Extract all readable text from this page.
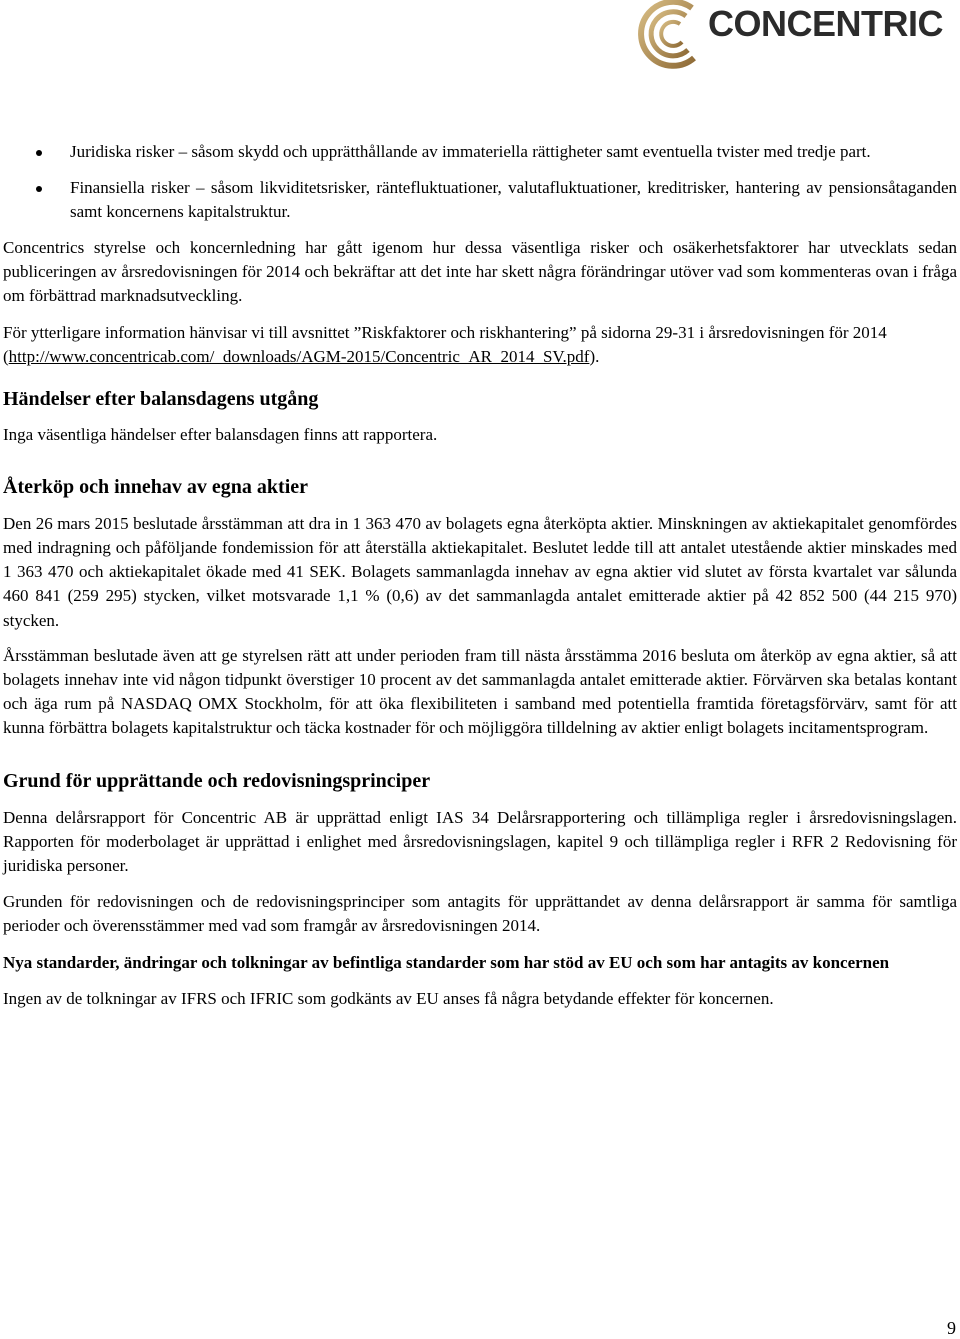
CONCENTRIC
Juridiska risker – såsom skydd och upprätthållande av immateriella rättigheter samt eventuella tvister med tredje part.
Finansiella risker – såsom likviditetsrisker, räntefluktuationer, valutafluktuationer, kreditrisker, hantering av pensionsåtaganden samt koncernens kapitalstruktur.

Concentrics styrelse och koncernledning har gått igenom hur dessa väsentliga risker och osäkerhetsfaktorer har utvecklats sedan publiceringen av årsredovisningen för 2014 och bekräftar att det inte har skett några förändringar utöver vad som kommenteras ovan i fråga om förbättrad marknadsutveckling.

För ytterligare information hänvisar vi till avsnittet ”Riskfaktorer och riskhantering” på sidorna 29-31 i årsredovisningen för 2014
(http://www.concentricab.com/_downloads/AGM-2015/Concentric_AR_2014_SV.pdf).

Händelser efter balansdagens utgång

Inga väsentliga händelser efter balansdagen finns att rapportera.

Återköp och innehav av egna aktier

Den 26 mars 2015 beslutade årsstämman att dra in 1 363 470 av bolagets egna återköpta aktier. Minskningen av aktiekapitalet genomfördes med indragning och påföljande fondemission för att återställa aktiekapitalet. Beslutet ledde till att antalet utestående aktier minskades med 1 363 470 och aktiekapitalet ökade med 41 SEK. Bolagets sammanlagda innehav av egna aktier vid slutet av första kvartalet var sålunda 460 841 (259 295) stycken, vilket motsvarade 1,1 % (0,6) av det sammanlagda antalet emitterade aktier på 42 852 500 (44 215 970) stycken.

Årsstämman beslutade även att ge styrelsen rätt att under perioden fram till nästa årsstämma 2016 besluta om återköp av egna aktier, så att bolagets innehav inte vid någon tidpunkt överstiger 10 procent av det sammanlagda antalet emitterade aktier. Förvärven ska betalas kontant och äga rum på NASDAQ OMX Stockholm, för att öka flexibiliteten i samband med potentiella framtida företagsförvärv, samt för att kunna förbättra bolagets kapitalstruktur och täcka kostnader för och möjliggöra tilldelning av aktier enligt bolagets incitamentsprogram.

Grund för upprättande och redovisningsprinciper

Denna delårsrapport för Concentric AB är upprättad enligt IAS 34 Delårsrapportering och tillämpliga regler i årsredovisningslagen. Rapporten för moderbolaget är upprättad i enlighet med årsredovisningslagen, kapitel 9 och tillämpliga regler i RFR 2 Redovisning för juridiska personer.

Grunden för redovisningen och de redovisningsprinciper som antagits för upprättandet av denna delårsrapport är samma för samtliga perioder och överensstämmer med vad som framgår av årsredovisningen 2014.

Nya standarder, ändringar och tolkningar av befintliga standarder som har stöd av EU och som har antagits av koncernen

Ingen av de tolkningar av IFRS och IFRIC som godkänts av EU anses få några betydande effekter för koncernen.

9
